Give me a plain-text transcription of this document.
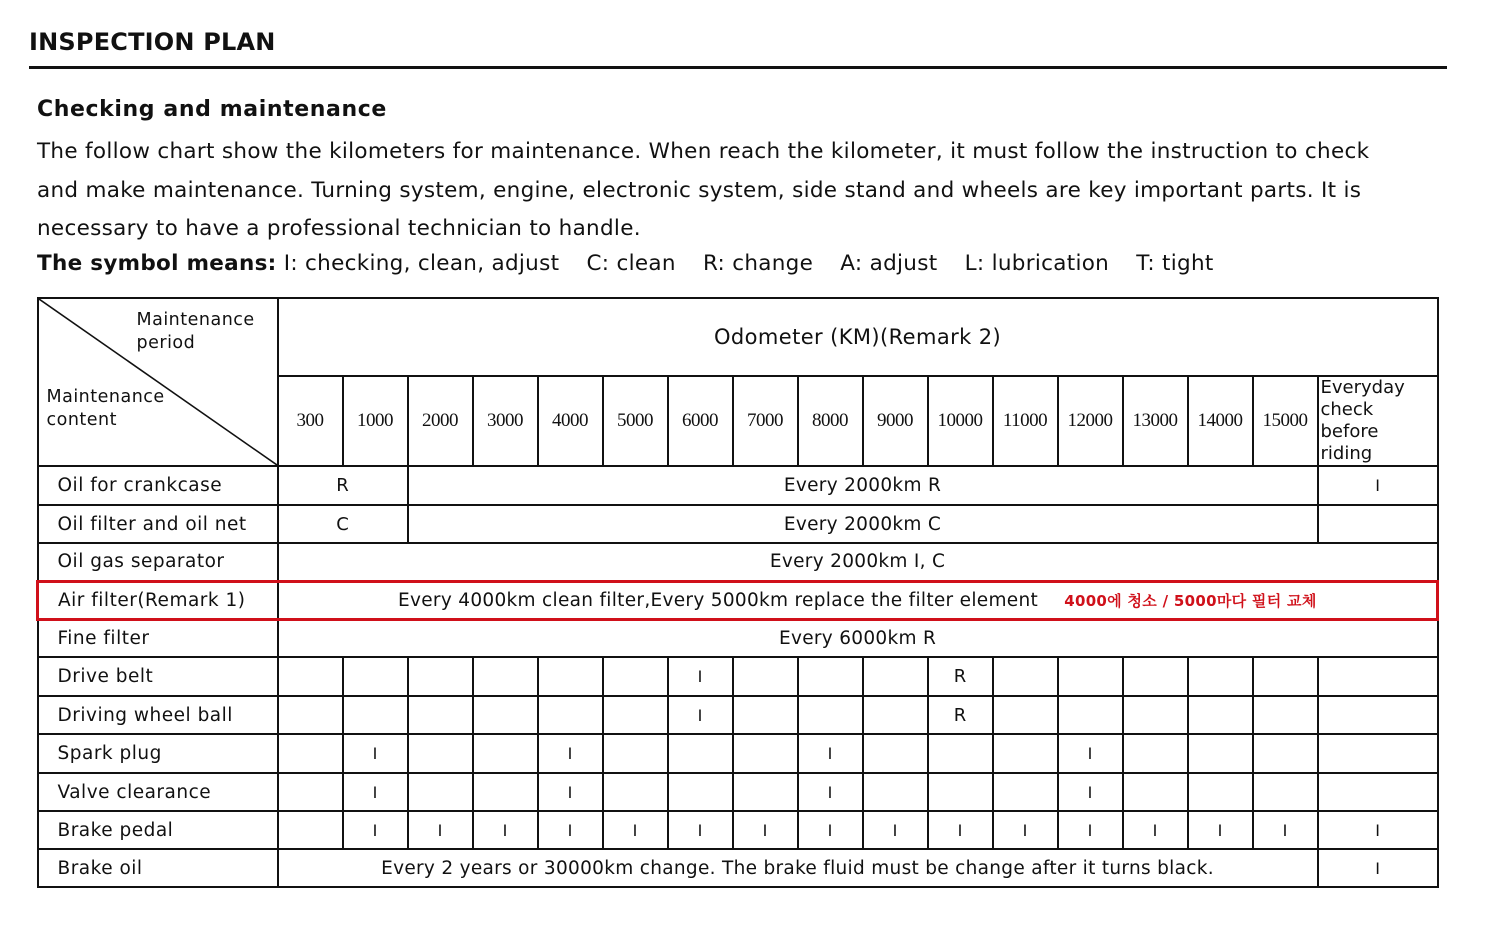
INSPECTION PLAN
Checking and maintenance

The follow chart show the kilometers for maintenance. When reach the kilometer, it must follow the instruction to check

and make maintenance. Turning system, engine, electronic system, side stand and wheels are key important parts. It is

necessary to have a professional technician to handle.

The symbol means: I: checking, clean, adjust C: clean R: change A: adjust L: lubrication T: tight
Maintenance
period
Maintenance
content	Odometer (KM)(Remark 2)																
	300	1000	2000	3000	4000	5000	6000	7000	8000	9000	10000	11000	12000	13000	14000	15000	Everyday
check before
riding

Oil for crankcase	R		Every 2000km R														I
Oil filter and oil net	C		Every 2000km C														
Oil gas separator	Every 2000km I, C																
Air filter(Remark 1)	Every 4000km clean filter,Every 5000km replace the filter element 4000에 청소 / 5000마다 필터 교체																
Fine filter	Every 6000km R																
Drive belt							I				R						
Driving wheel ball							I				R						
Spark plug		I			I				I				I				
Valve clearance		I			I				I				I				
Brake pedal		I	I	I	I	I	I	I	I	I	I	I	I	I	I	I	I
Brake oil	Every 2 years or 30000km change. The brake fluid must be change after it turns black.																I
